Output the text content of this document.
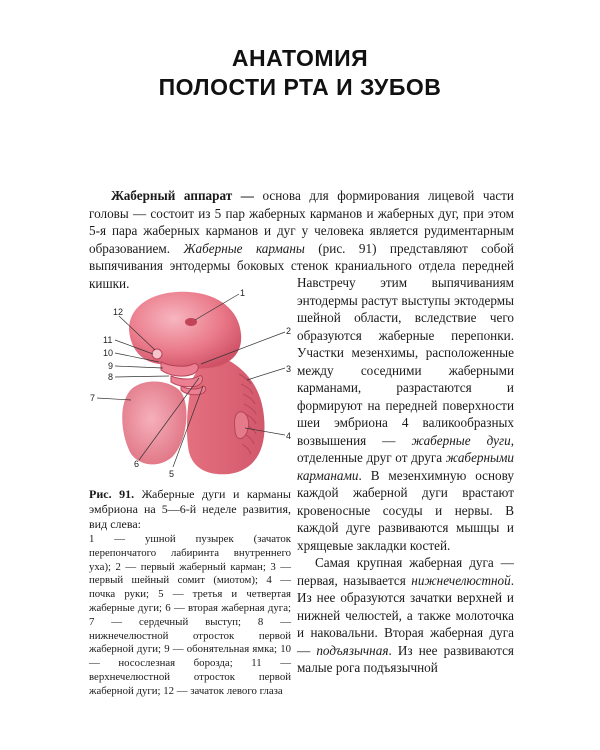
АНАТОМИЯ
ПОЛОСТИ РТА И ЗУБОВ
Жаберный аппарат — основа для формирования лицевой части головы — состоит из 5 пар жаберных карманов и жаберных дуг, при этом 5-я пара жаберных карманов и дуг у человека является рудиментарным образованием. Жаберные карманы (рис. 91) представляют собой выпячивания энтодермы боковых стенок краниального отдела передней кишки.
1
2
3
4
5
6
7
8
9
10
11
12

Навстречу этим выпячиваниям энтодермы растут выступы эктодермы шейной области, вследствие чего образуются жаберные перепонки. Участки мезенхимы, расположенные между соседними жаберными карманами, разрастаются и формируют на передней поверхности шеи эмбриона 4 валикообразных возвышения — жаберные дуги, отделенные друг от друга жаберными карманами. В мезенхимную основу каждой жаберной дуги врастают кровеносные сосуды и нервы. В каждой дуге развиваются мышцы и хрящевые закладки костей.

Самая крупная жаберная дуга — первая, называется нижнечелюстной. Из нее образуются зачатки верхней и нижней челюстей, а также молоточка и наковальни. Вторая жаберная дуга — подъязычная. Из нее развиваются малые рога подъязычной

Рис. 91. Жаберные дуги и карманы эмбриона на 5—6-й неделе развития, вид слева:
1 — ушной пузырек (зачаток перепончатого лабиринта внутреннего уха); 2 — первый жаберный карман; 3 — первый шейный сомит (миотом); 4 — почка руки; 5 — третья и четвертая жаберные дуги; 6 — вторая жаберная дуга; 7 — сердечный выступ; 8 — нижнечелюстной отросток первой жаберной дуги; 9 — обонятельная ямка; 10 — носослезная борозда; 11 — верхнечелюстной отросток первой жаберной дуги; 12 — зачаток левого глаза
